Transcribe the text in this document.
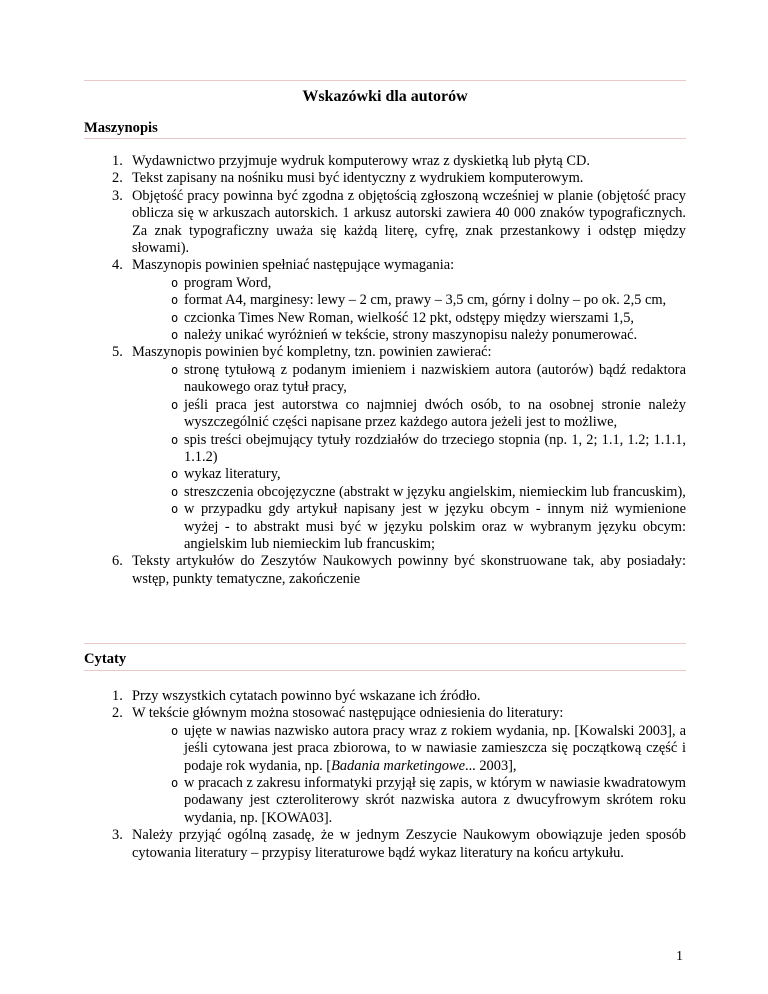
Wskazówki dla autorów
Maszynopis
1. Wydawnictwo przyjmuje wydruk komputerowy wraz z dyskietką lub płytą CD.
2. Tekst zapisany na nośniku musi być identyczny z wydrukiem komputerowym.
3. Objętość pracy powinna być zgodna z objętością zgłoszoną wcześniej w planie (objętość pracy oblicza się w arkuszach autorskich. 1 arkusz autorski zawiera 40 000 znaków typograficznych. Za znak typograficzny uważa się każdą literę, cyfrę, znak przestankowy i odstęp między słowami).
4. Maszynopis powinien spełniać następujące wymagania:
o program Word,
o format A4, marginesy: lewy – 2 cm, prawy – 3,5 cm, górny i dolny – po ok. 2,5 cm,
o czcionka Times New Roman, wielkość 12 pkt, odstępy między wierszami 1,5,
o należy unikać wyróżnień w tekście, strony maszynopisu należy ponumerować.
5. Maszynopis powinien być kompletny, tzn. powinien zawierać:
o stronę tytułową z podanym imieniem i nazwiskiem autora (autorów) bądź redaktora naukowego oraz tytuł pracy,
o jeśli praca jest autorstwa co najmniej dwóch osób, to na osobnej stronie należy wyszczególnić części napisane przez każdego autora jeżeli jest to możliwe,
o spis treści obejmujący tytuły rozdziałów do trzeciego stopnia (np. 1, 2; 1.1, 1.2; 1.1.1, 1.1.2)
o wykaz literatury,
o streszczenia obcojęzyczne (abstrakt w języku angielskim, niemieckim lub francuskim),
o w przypadku gdy artykuł napisany jest w języku obcym - innym niż wymienione wyżej - to abstrakt musi być w języku polskim oraz w wybranym języku obcym: angielskim lub niemieckim lub francuskim;
6. Teksty artykułów do Zeszytów Naukowych powinny być skonstruowane tak, aby posiadały: wstęp, punkty tematyczne, zakończenie
Cytaty
1. Przy wszystkich cytatach powinno być wskazane ich źródło.
2. W tekście głównym można stosować następujące odniesienia do literatury:
o ujęte w nawias nazwisko autora pracy wraz z rokiem wydania, np. [Kowalski 2003], a jeśli cytowana jest praca zbiorowa, to w nawiasie zamieszcza się początkową część i podaje rok wydania, np. [Badania marketingowe... 2003],
o w pracach z zakresu informatyki przyjął się zapis, w którym w nawiasie kwadratowym podawany jest czteroliterowy skrót nazwiska autora z dwucyfrowym skrótem roku wydania, np. [KOWA03].
3. Należy przyjąć ogólną zasadę, że w jednym Zeszycie Naukowym obowiązuje jeden sposób cytowania literatury – przypisy literaturowe bądź wykaz literatury na końcu artykułu.
1
